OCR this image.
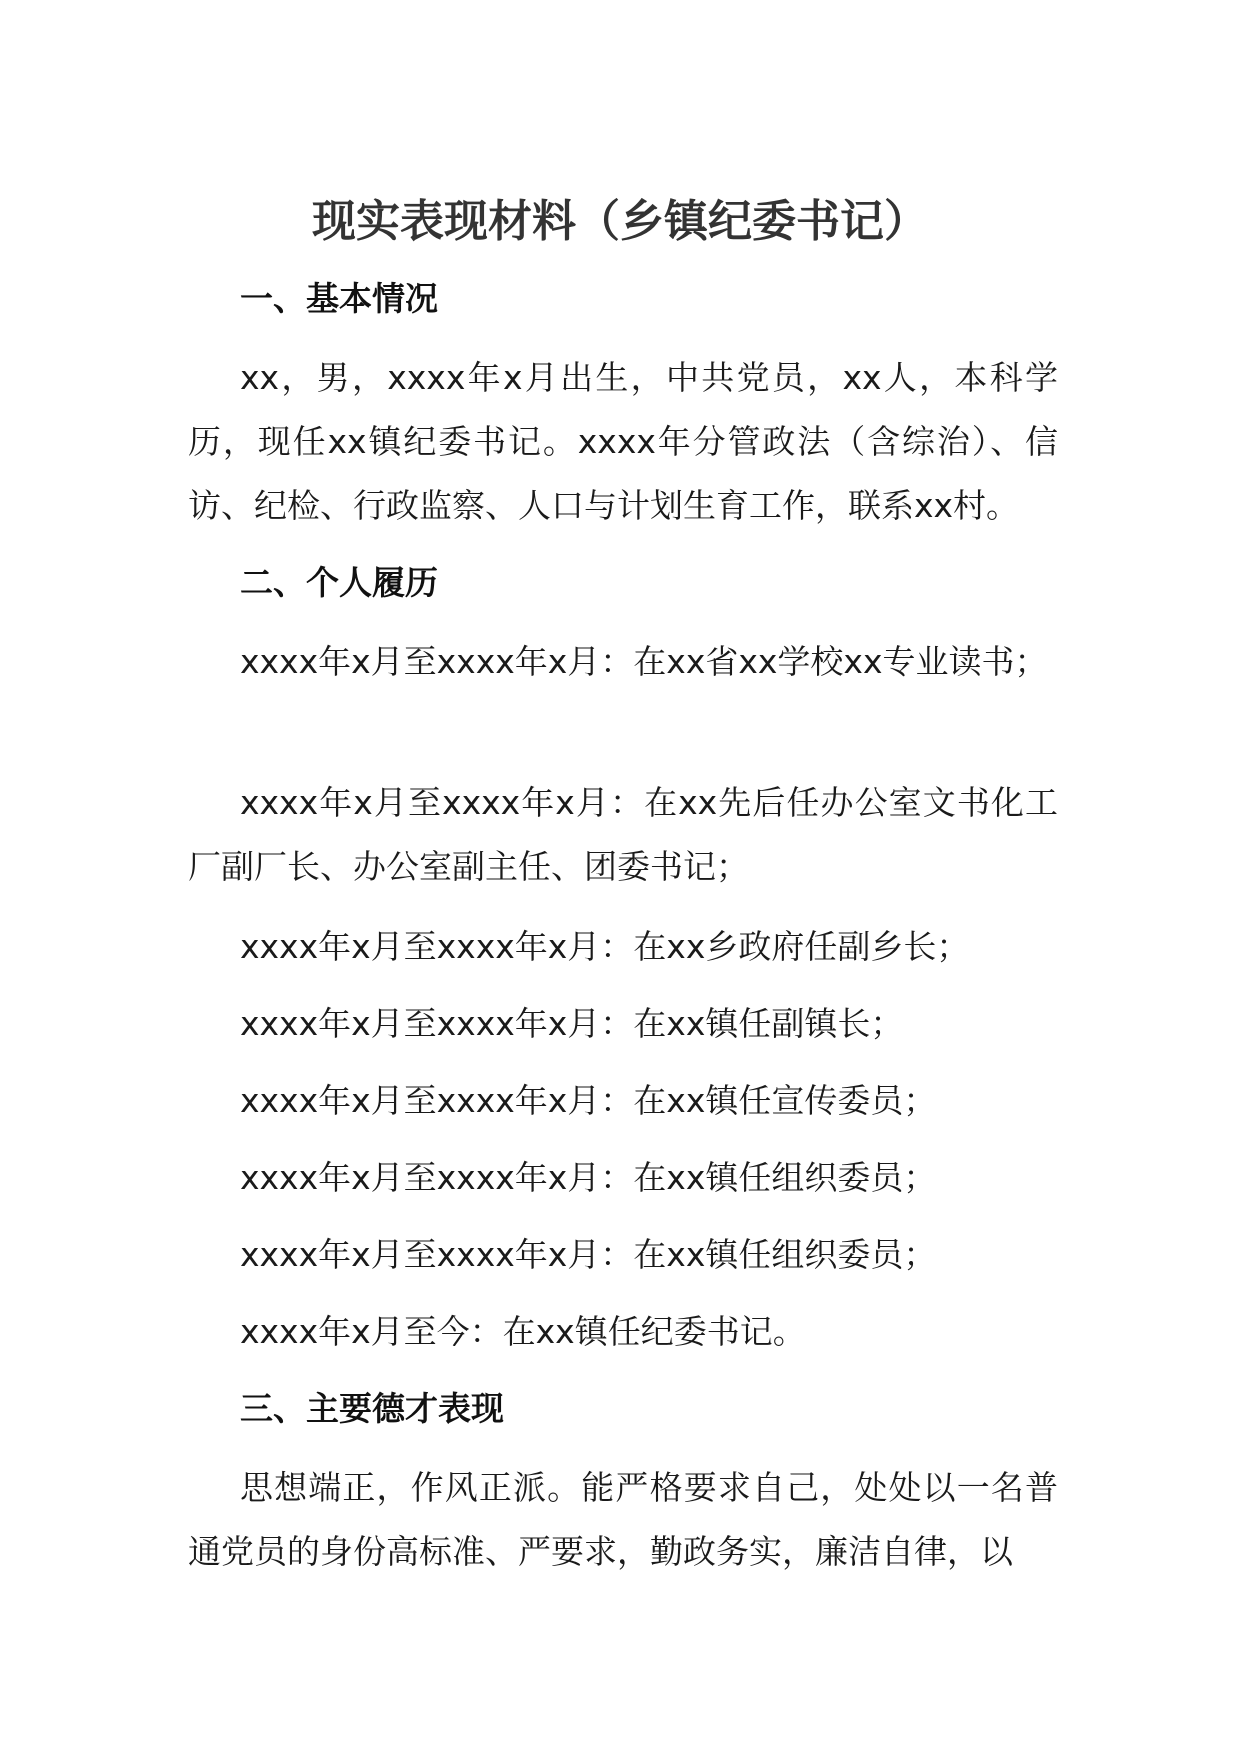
现实表现材料（乡镇纪委书记）
一、基本情况
xx，男，xxxx年x月出生，中共党员，xx人，本科学历，现任xx镇纪委书记。xxxx年分管政法（含综治）、信访、纪检、行政监察、人口与计划生育工作，联系xx村。
二、个人履历
xxxx年x月至xxxx年x月：在xx省xx学校xx专业读书；
xxxx年x月至xxxx年x月：在xx先后任办公室文书化工厂副厂长、办公室副主任、团委书记；
xxxx年x月至xxxx年x月：在xx乡政府任副乡长；
xxxx年x月至xxxx年x月：在xx镇任副镇长；
xxxx年x月至xxxx年x月：在xx镇任宣传委员；
xxxx年x月至xxxx年x月：在xx镇任组织委员；
xxxx年x月至xxxx年x月：在xx镇任组织委员；
xxxx年x月至今：在xx镇任纪委书记。
三、主要德才表现
思想端正，作风正派。能严格要求自己，处处以一名普通党员的身份高标准、严要求，勤政务实，廉洁自律，以
